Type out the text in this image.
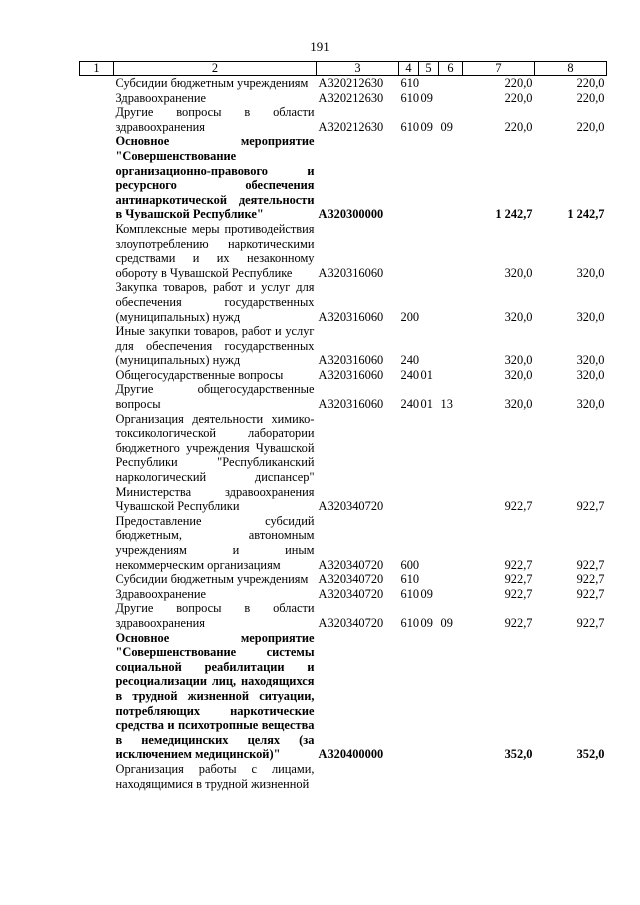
191
1	2	3	4	5	6	7	8
	Субсидии бюджетным учреждениям	А320212630	610			220,0	220,0
	Здравоохранение	А320212630	610	09		220,0	220,0
	Другие вопросы в области здравоохранения	А320212630	610	09	09	220,0	220,0
	Основное мероприятие "Совершенствование организационно-правового и ресурсного обеспечения антинаркотической деятельности в Чувашской Республике"	А320300000				1 242,7	1 242,7
	Комплексные меры противодействия злоупотреблению наркотическими средствами и их незаконному обороту в Чувашской Республике	А320316060				320,0	320,0
	Закупка товаров, работ и услуг для обеспечения государственных (муниципальных) нужд	А320316060	200			320,0	320,0
	Иные закупки товаров, работ и услуг для обеспечения государственных (муниципальных) нужд	А320316060	240			320,0	320,0
	Общегосударственные вопросы	А320316060	240	01		320,0	320,0
	Другие общегосударственные вопросы	А320316060	240	01	13	320,0	320,0
	Организация деятельности химико-токсикологической лаборатории бюджетного учреждения Чувашской Республики "Республиканский наркологический диспансер" Министерства здравоохранения Чувашской Республики	А320340720				922,7	922,7
	Предоставление субсидий бюджетным, автономным учреждениям и иным некоммерческим организациям	А320340720	600			922,7	922,7
	Субсидии бюджетным учреждениям	А320340720	610			922,7	922,7
	Здравоохранение	А320340720	610	09		922,7	922,7
	Другие вопросы в области здравоохранения	А320340720	610	09	09	922,7	922,7
	Основное мероприятие "Совершенствование системы социальной реабилитации и ресоциализации лиц, находящихся в трудной жизненной ситуации, потребляющих наркотические средства и психотропные вещества в немедицинских целях (за исключением медицинской)"	А320400000				352,0	352,0
	Организация работы с лицами, находящимися в трудной жизненной						
